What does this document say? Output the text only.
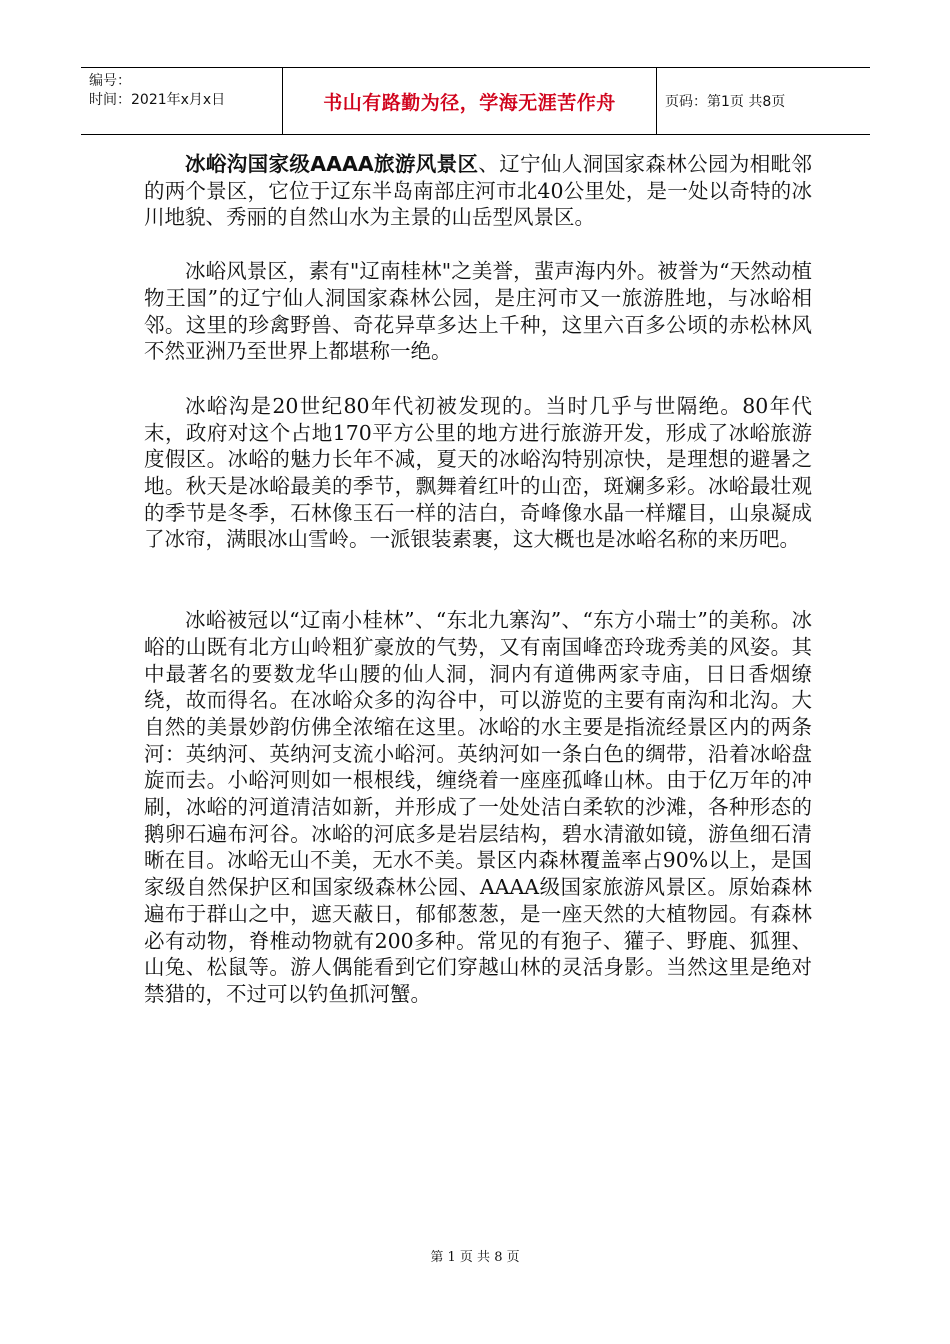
编号：
时间：2021年x月x日	书山有路勤为径，学海无涯苦作舟	页码：第1页 共8页

冰峪沟国家级AAAA旅游风景区、辽宁仙人洞国家森林公园为相毗邻的两个景区，它位于辽东半岛南部庄河市北40公里处，是一处以奇特的冰川地貌、秀丽的自然山水为主景的山岳型风景区。

冰峪风景区，素有"辽南桂林"之美誉，蜚声海内外。被誉为“天然动植物王国”的辽宁仙人洞国家森林公园，是庄河市又一旅游胜地，与冰峪相邻。这里的珍禽野兽、奇花异草多达上千种，这里六百多公顷的赤松林风不然亚洲乃至世界上都堪称一绝。

冰峪沟是20世纪80年代初被发现的。当时几乎与世隔绝。80年代末，政府对这个占地170平方公里的地方进行旅游开发，形成了冰峪旅游度假区。冰峪的魅力长年不减，夏天的冰峪沟特别凉快，是理想的避暑之地。秋天是冰峪最美的季节，飘舞着红叶的山峦，斑斓多彩。冰峪最壮观的季节是冬季，石林像玉石一样的洁白，奇峰像水晶一样耀目，山泉凝成了冰帘，满眼冰山雪岭。一派银装素裹，这大概也是冰峪名称的来历吧。

冰峪被冠以“辽南小桂林”、“东北九寨沟”、“东方小瑞士”的美称。冰峪的山既有北方山岭粗犷豪放的气势，又有南国峰峦玲珑秀美的风姿。其中最著名的要数龙华山腰的仙人洞，洞内有道佛两家寺庙，日日香烟缭绕，故而得名。在冰峪众多的沟谷中，可以游览的主要有南沟和北沟。大自然的美景妙韵仿佛全浓缩在这里。冰峪的水主要是指流经景区内的两条河：英纳河、英纳河支流小峪河。英纳河如一条白色的绸带，沿着冰峪盘旋而去。小峪河则如一根根线，缠绕着一座座孤峰山林。由于亿万年的冲刷，冰峪的河道清洁如新，并形成了一处处洁白柔软的沙滩，各种形态的鹅卵石遍布河谷。冰峪的河底多是岩层结构，碧水清澈如镜，游鱼细石清晰在目。冰峪无山不美，无水不美。景区内森林覆盖率占90%以上，是国家级自然保护区和国家级森林公园、AAAA级国家旅游风景区。原始森林遍布于群山之中，遮天蔽日，郁郁葱葱，是一座天然的大植物园。有森林必有动物，脊椎动物就有200多种。常见的有狍子、獾子、野鹿、狐狸、山兔、松鼠等。游人偶能看到它们穿越山林的灵活身影。当然这里是绝对禁猎的，不过可以钓鱼抓河蟹。

第 1 页 共 8 页
